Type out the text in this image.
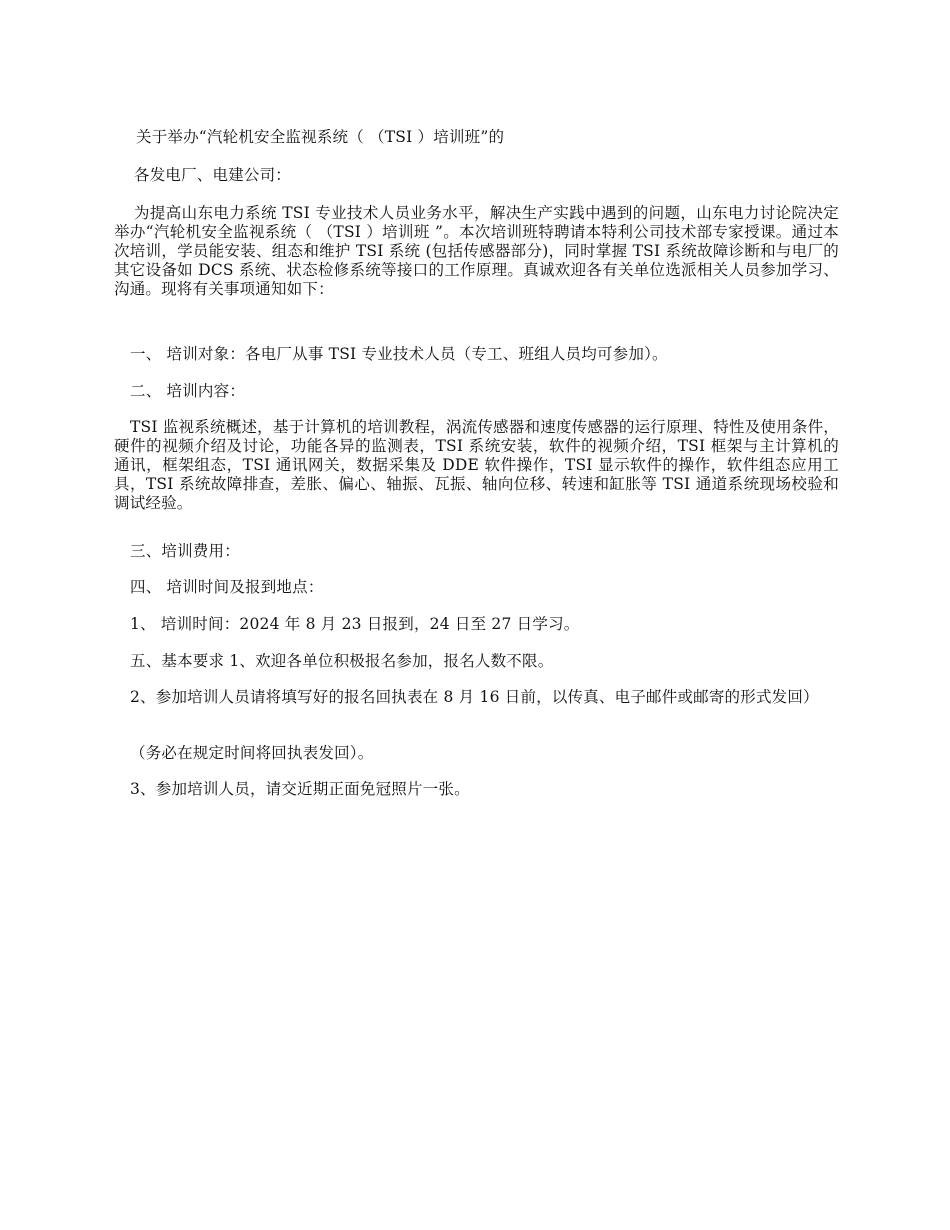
关于举办“汽轮机安全监视系统（ （TSI ）培训班”的

各发电厂、电建公司：

为提高山东电力系统 TSI 专业技术人员业务水平，解决生产实践中遇到的问题，山东电力讨论院决定举办“汽轮机安全监视系统（ （TSI ）培训班 ”。本次培训班特聘请本特利公司技术部专家授课。通过本次培训，学员能安装、组态和维护 TSI 系统 (包括传感器部分)，同时掌握 TSI 系统故障诊断和与电厂的其它设备如 DCS 系统、状态检修系统等接口的工作原理。真诚欢迎各有关单位选派相关人员参加学习、沟通。现将有关事项通知如下：

一、 培训对象：各电厂从事 TSI 专业技术人员（专工、班组人员均可参加）。

二、 培训内容：

TSI 监视系统概述，基于计算机的培训教程，涡流传感器和速度传感器的运行原理、特性及使用条件，硬件的视频介绍及讨论，功能各异的监测表，TSI 系统安装，软件的视频介绍，TSI 框架与主计算机的通讯，框架组态，TSI 通讯网关，数据采集及 DDE 软件操作，TSI 显示软件的操作，软件组态应用工具，TSI 系统故障排查，差胀、偏心、轴振、瓦振、轴向位移、转速和缸胀等 TSI 通道系统现场校验和调试经验。

三、培训费用：

四、 培训时间及报到地点：

1、 培训时间：2024 年 8 月 23 日报到，24 日至 27 日学习。

五、基本要求 1、欢迎各单位积极报名参加，报名人数不限。

2、参加培训人员请将填写好的报名回执表在 8 月 16 日前，以传真、电子邮件或邮寄的形式发回）

（务必在规定时间将回执表发回）。

3、参加培训人员，请交近期正面免冠照片一张。
